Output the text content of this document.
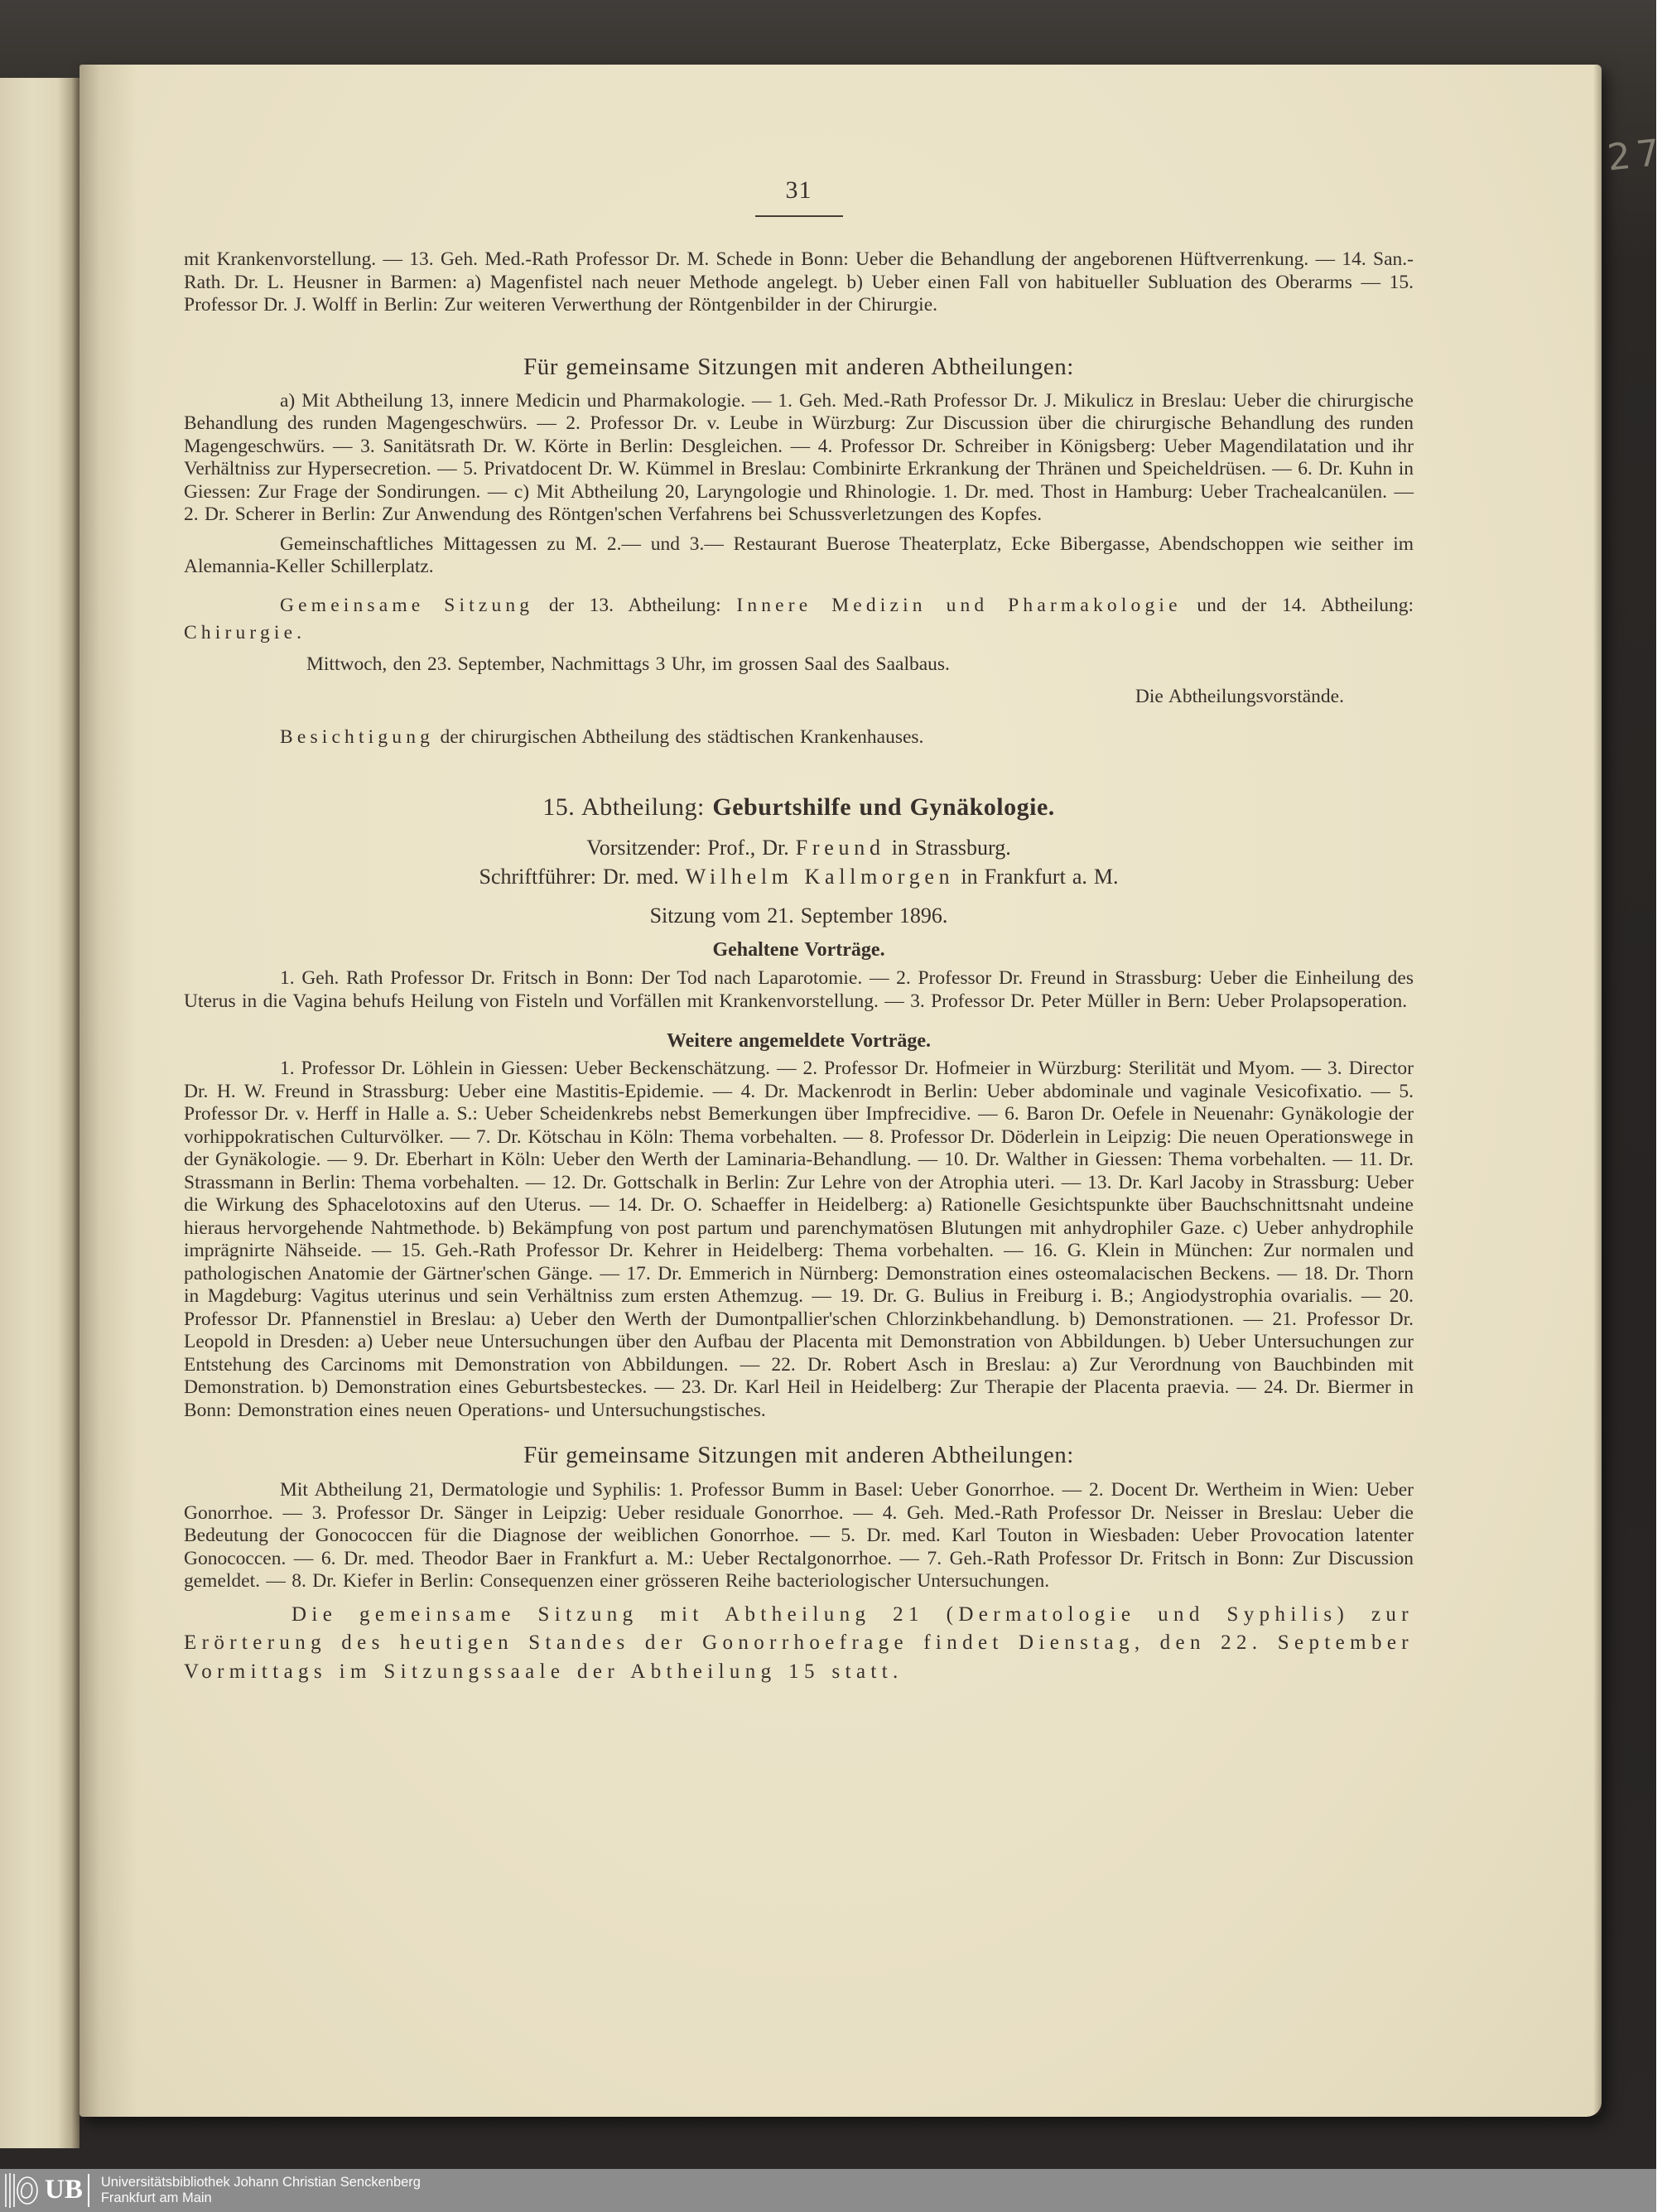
31

mit Krankenvorstellung. — 13. Geh. Med.-Rath Professor Dr. M. Schede in Bonn: Ueber die Behandlung der angeborenen Hüftverrenkung. — 14. San.-Rath. Dr. L. Heusner in Barmen: a) Magenfistel nach neuer Methode angelegt. b) Ueber einen Fall von habitueller Subluation des Oberarms — 15. Professor Dr. J. Wolff in Berlin: Zur weiteren Verwerthung der Röntgenbilder in der Chirurgie.

Für gemeinsame Sitzungen mit anderen Abtheilungen:

a) Mit Abtheilung 13, innere Medicin und Pharmakologie. — 1. Geh. Med.-Rath Professor Dr. J. Mikulicz in Breslau: Ueber die chirurgische Behandlung des runden Magengeschwürs. — 2. Professor Dr. v. Leube in Würzburg: Zur Discussion über die chirurgische Behandlung des runden Magengeschwürs. — 3. Sanitätsrath Dr. W. Körte in Berlin: Desgleichen. — 4. Professor Dr. Schreiber in Königsberg: Ueber Magendilatation und ihr Verhältniss zur Hypersecretion. — 5. Privatdocent Dr. W. Kümmel in Breslau: Combinirte Erkrankung der Thränen und Speicheldrüsen. — 6. Dr. Kuhn in Giessen: Zur Frage der Sondirungen. — c) Mit Abtheilung 20, Laryngologie und Rhinologie. 1. Dr. med. Thost in Hamburg: Ueber Trachealcanülen. — 2. Dr. Scherer in Berlin: Zur Anwendung des Röntgen'schen Verfahrens bei Schussverletzungen des Kopfes.

Gemeinschaftliches Mittagessen zu M. 2.— und 3.— Restaurant Buerose Theaterplatz, Ecke Bibergasse, Abendschoppen wie seither im Alemannia-Keller Schillerplatz.

Gemeinsame Sitzung der 13. Abtheilung: Innere Medizin und Pharmakologie und der 14. Abtheilung: Chirurgie.

Mittwoch, den 23. September, Nachmittags 3 Uhr, im grossen Saal des Saalbaus.

Die Abtheilungsvorstände.

Besichtigung der chirurgischen Abtheilung des städtischen Krankenhauses.

15. Abtheilung: Geburtshilfe und Gynäkologie.

Vorsitzender: Prof., Dr. Freund in Strassburg.

Schriftführer: Dr. med. Wilhelm Kallmorgen in Frankfurt a. M.

Sitzung vom 21. September 1896.

Gehaltene Vorträge.

1. Geh. Rath Professor Dr. Fritsch in Bonn: Der Tod nach Laparotomie. — 2. Professor Dr. Freund in Strassburg: Ueber die Einheilung des Uterus in die Vagina behufs Heilung von Fisteln und Vorfällen mit Krankenvorstellung. — 3. Professor Dr. Peter Müller in Bern: Ueber Prolapsoperation.

Weitere angemeldete Vorträge.

1. Professor Dr. Löhlein in Giessen: Ueber Beckenschätzung. — 2. Professor Dr. Hofmeier in Würzburg: Sterilität und Myom. — 3. Director Dr. H. W. Freund in Strassburg: Ueber eine Mastitis-Epidemie. — 4. Dr. Mackenrodt in Berlin: Ueber abdominale und vaginale Vesicofixatio. — 5. Professor Dr. v. Herff in Halle a. S.: Ueber Scheidenkrebs nebst Bemerkungen über Impfrecidive. — 6. Baron Dr. Oefele in Neuenahr: Gynäkologie der vorhippokratischen Culturvölker. — 7. Dr. Kötschau in Köln: Thema vorbehalten. — 8. Professor Dr. Döderlein in Leipzig: Die neuen Operationswege in der Gynäkologie. — 9. Dr. Eberhart in Köln: Ueber den Werth der Laminaria-Behandlung. — 10. Dr. Walther in Giessen: Thema vorbehalten. — 11. Dr. Strassmann in Berlin: Thema vorbehalten. — 12. Dr. Gottschalk in Berlin: Zur Lehre von der Atrophia uteri. — 13. Dr. Karl Jacoby in Strassburg: Ueber die Wirkung des Sphacelotoxins auf den Uterus. — 14. Dr. O. Schaeffer in Heidelberg: a) Rationelle Gesichtspunkte über Bauchschnittsnaht undeine hieraus hervorgehende Nahtmethode. b) Bekämpfung von post partum und parenchymatösen Blutungen mit anhydrophiler Gaze. c) Ueber anhydrophile imprägnirte Nähseide. — 15. Geh.-Rath Professor Dr. Kehrer in Heidelberg: Thema vorbehalten. — 16. G. Klein in München: Zur normalen und pathologischen Anatomie der Gärtner'schen Gänge. — 17. Dr. Emmerich in Nürnberg: Demonstration eines osteomalacischen Beckens. — 18. Dr. Thorn in Magdeburg: Vagitus uterinus und sein Verhältniss zum ersten Athemzug. — 19. Dr. G. Bulius in Freiburg i. B.; Angiodystrophia ovarialis. — 20. Professor Dr. Pfannenstiel in Breslau: a) Ueber den Werth der Dumontpallier'schen Chlorzinkbehandlung. b) Demonstrationen. — 21. Professor Dr. Leopold in Dresden: a) Ueber neue Untersuchungen über den Aufbau der Placenta mit Demonstration von Abbildungen. b) Ueber Untersuchungen zur Entstehung des Carcinoms mit Demonstration von Abbildungen. — 22. Dr. Robert Asch in Breslau: a) Zur Verordnung von Bauchbinden mit Demonstration. b) Demonstration eines Geburtsbesteckes. — 23. Dr. Karl Heil in Heidelberg: Zur Therapie der Placenta praevia. — 24. Dr. Biermer in Bonn: Demonstration eines neuen Operations- und Untersuchungstisches.

Für gemeinsame Sitzungen mit anderen Abtheilungen:

Mit Abtheilung 21, Dermatologie und Syphilis: 1. Professor Bumm in Basel: Ueber Gonorrhoe. — 2. Docent Dr. Wertheim in Wien: Ueber Gonorrhoe. — 3. Professor Dr. Sänger in Leipzig: Ueber residuale Gonorrhoe. — 4. Geh. Med.-Rath Professor Dr. Neisser in Breslau: Ueber die Bedeutung der Gonococcen für die Diagnose der weiblichen Gonorrhoe. — 5. Dr. med. Karl Touton in Wiesbaden: Ueber Provocation latenter Gonococcen. — 6. Dr. med. Theodor Baer in Frankfurt a. M.: Ueber Rectalgonorrhoe. — 7. Geh.-Rath Professor Dr. Fritsch in Bonn: Zur Discussion gemeldet. — 8. Dr. Kiefer in Berlin: Consequenzen einer grösseren Reihe bacteriologischer Untersuchungen.

Die gemeinsame Sitzung mit Abtheilung 21 (Dermatologie und Syphilis) zur Erörterung des heutigen Standes der Gonorrhoefrage findet Dienstag, den 22. September Vormittags im Sitzungssaale der Abtheilung 15 statt.

27
UB Universitätsbibliothek Johann Christian Senckenberg
Frankfurt am Main
